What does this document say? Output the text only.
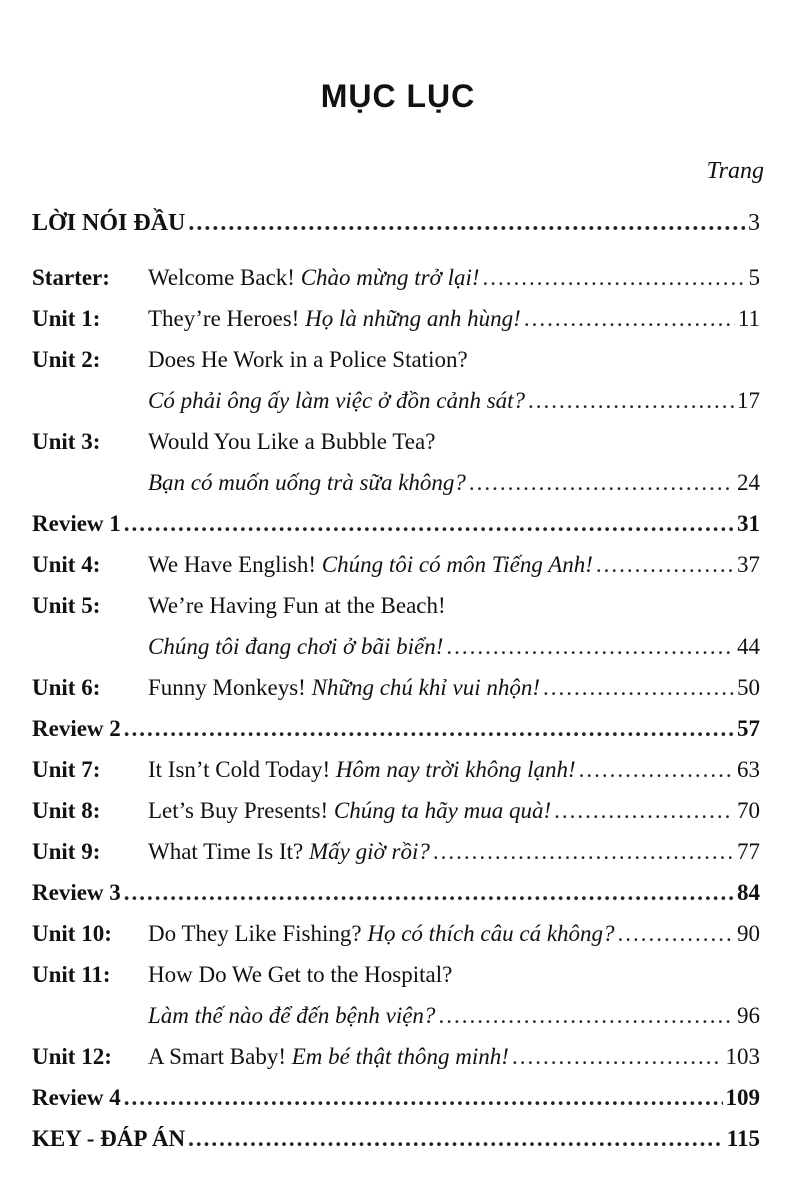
MỤC LỤC
Trang
LỜI NÓI ĐẦU .....	3
Starter:	Welcome Back! Chào mừng trở lại! .....	5
Unit 1:	They’re Heroes! Họ là những anh hùng! .....	11
Unit 2:	Does He Work in a Police Station?
Có phải ông ấy làm việc ở đồn cảnh sát? .....	17
Unit 3:	Would You Like a Bubble Tea?
Bạn có muốn uống trà sữa không? .....	24
Review 1 .....	31
Unit 4:	We Have English! Chúng tôi có môn Tiếng Anh! .....	37
Unit 5:	We’re Having Fun at the Beach!
Chúng tôi đang chơi ở bãi biển! .....	44
Unit 6:	Funny Monkeys! Những chú khỉ vui nhộn! .....	50
Review 2 .....	57
Unit 7:	It Isn’t Cold Today! Hôm nay trời không lạnh! .....	63
Unit 8:	Let’s Buy Presents! Chúng ta hãy mua quà! .....	70
Unit 9:	What Time Is It? Mấy giờ rồi? .....	77
Review 3 .....	84
Unit 10:	Do They Like Fishing? Họ có thích câu cá không? .....	90
Unit 11:	How Do We Get to the Hospital?
Làm thế nào để đến bệnh viện? .....	96
Unit 12:	A Smart Baby! Em bé thật thông minh! .....	103
Review 4 .....	109
KEY - ĐÁP ÁN .....	115
